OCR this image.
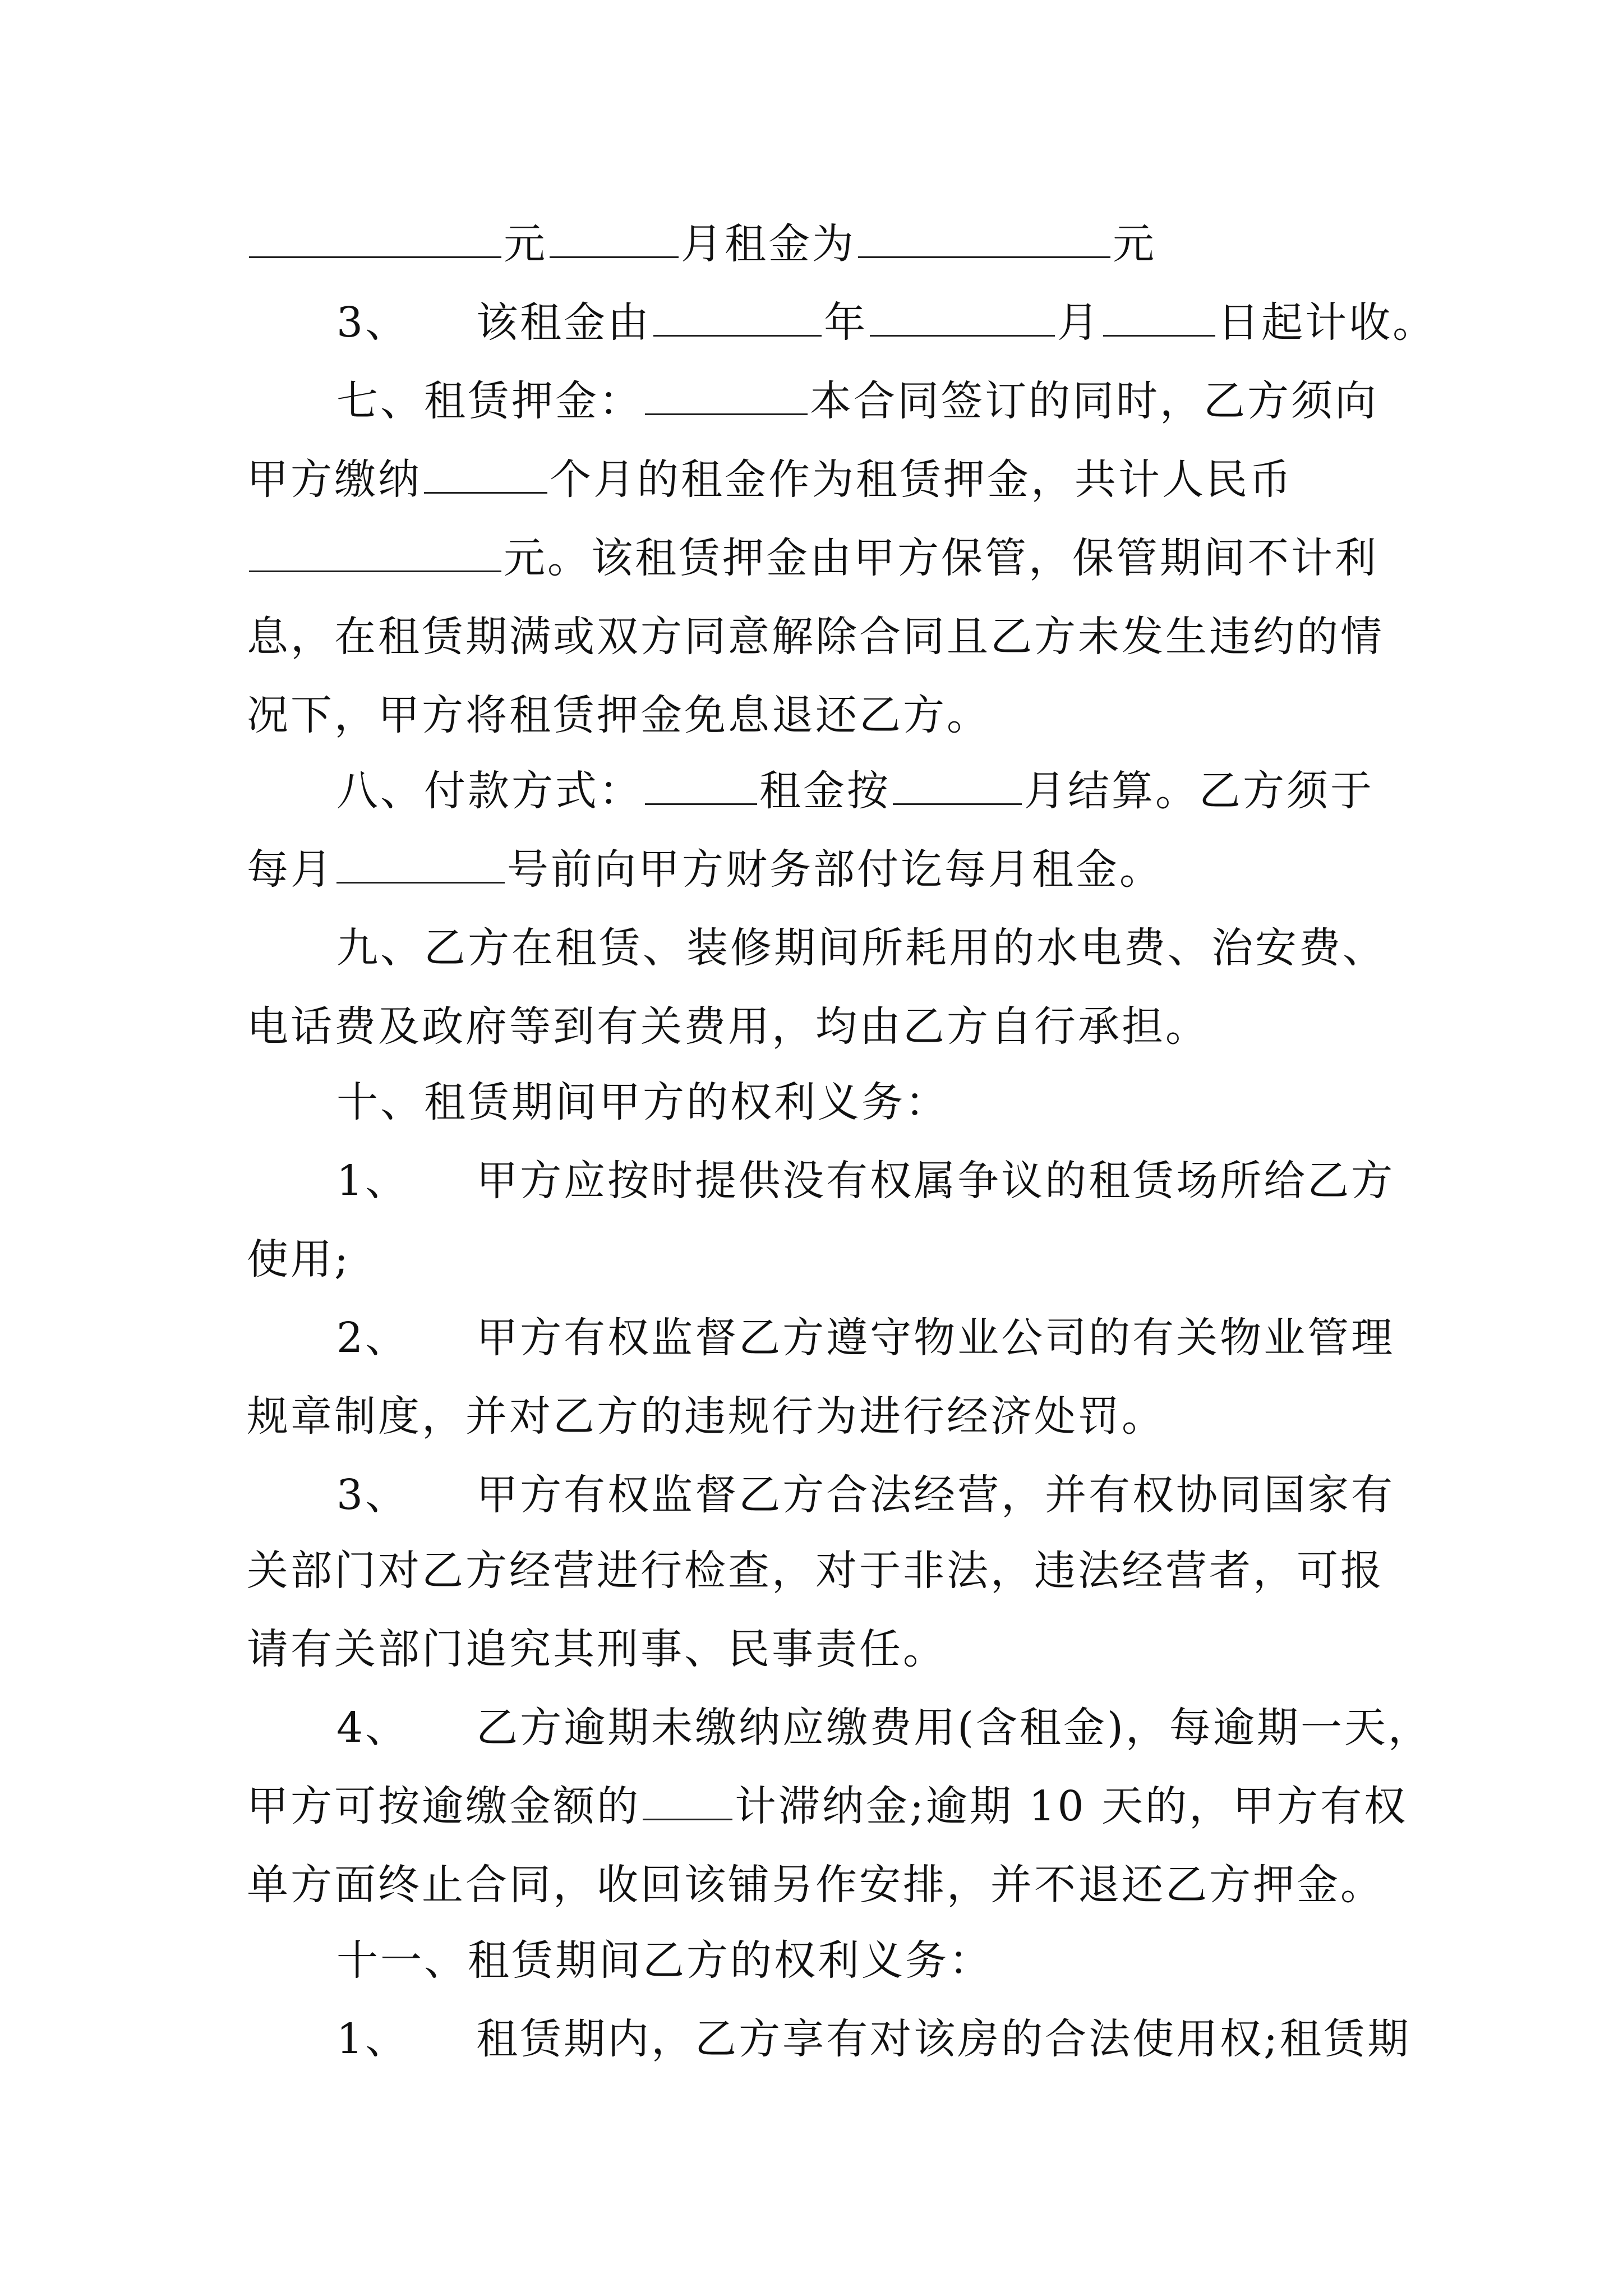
元	月租金为	元
3、 该租金由	年	月	日起计收。
七、租赁押金：	本合同签订的同时，乙方须向
甲方缴纳	个月的租金作为租赁押金，共计人民币
元。该租赁押金由甲方保管，保管期间不计利
息，在租赁期满或双方同意解除合同且乙方未发生违约的情
况下，甲方将租赁押金免息退还乙方。
八、付款方式：	租金按	月结算。乙方须于
每月	号前向甲方财务部付讫每月租金。
九、乙方在租赁、装修期间所耗用的水电费、治安费、
电话费及政府等到有关费用，均由乙方自行承担。
十、租赁期间甲方的权利义务：
1、 甲方应按时提供没有权属争议的租赁场所给乙方
使用;
2、 甲方有权监督乙方遵守物业公司的有关物业管理
规章制度，并对乙方的违规行为进行经济处罚。
3、 甲方有权监督乙方合法经营，并有权协同国家有
关部门对乙方经营进行检查，对于非法，违法经营者，可报
请有关部门追究其刑事、民事责任。
4、 乙方逾期未缴纳应缴费用(含租金)，每逾期一天，
甲方可按逾缴金额的 计滞纳金;逾期 10 天的，甲方有权
单方面终止合同，收回该铺另作安排，并不退还乙方押金。
十一、租赁期间乙方的权利义务：
1、 租赁期内，乙方享有对该房的合法使用权;租赁期
